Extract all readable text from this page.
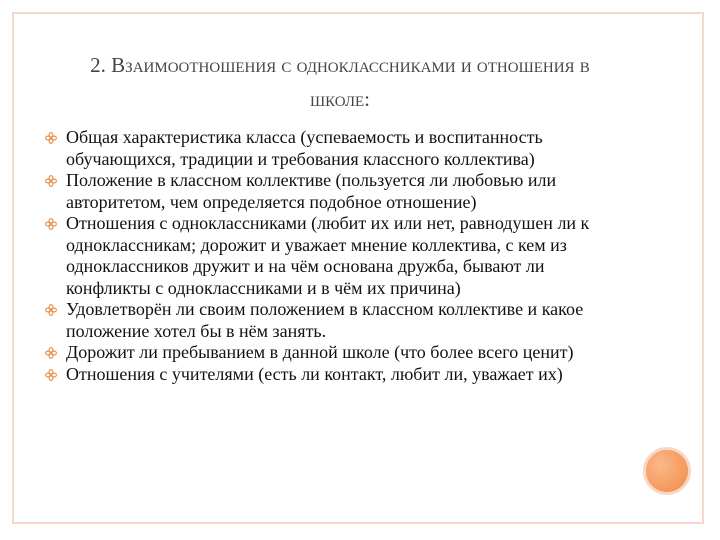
2. Взаимоотношения с одноклассниками и отношения в
школе:
Общая характеристика класса (успеваемость и воспитанность обучающихся, традиции и требования классного коллектива)
Положение в классном коллективе (пользуется ли любовью или авторитетом, чем определяется подобное отношение)
Отношения с одноклассниками (любит их или нет, равнодушен ли к одноклассникам; дорожит и уважает мнение коллектива, с кем из одноклассников дружит и на чём основана дружба, бывают ли конфликты с одноклассниками и в чём их причина)
Удовлетворён ли своим положением в классном коллективе и какое положение хотел бы в нём занять.
Дорожит ли пребыванием в данной школе (что более всего ценит)
Отношения с учителями (есть ли контакт, любит ли, уважает их)
